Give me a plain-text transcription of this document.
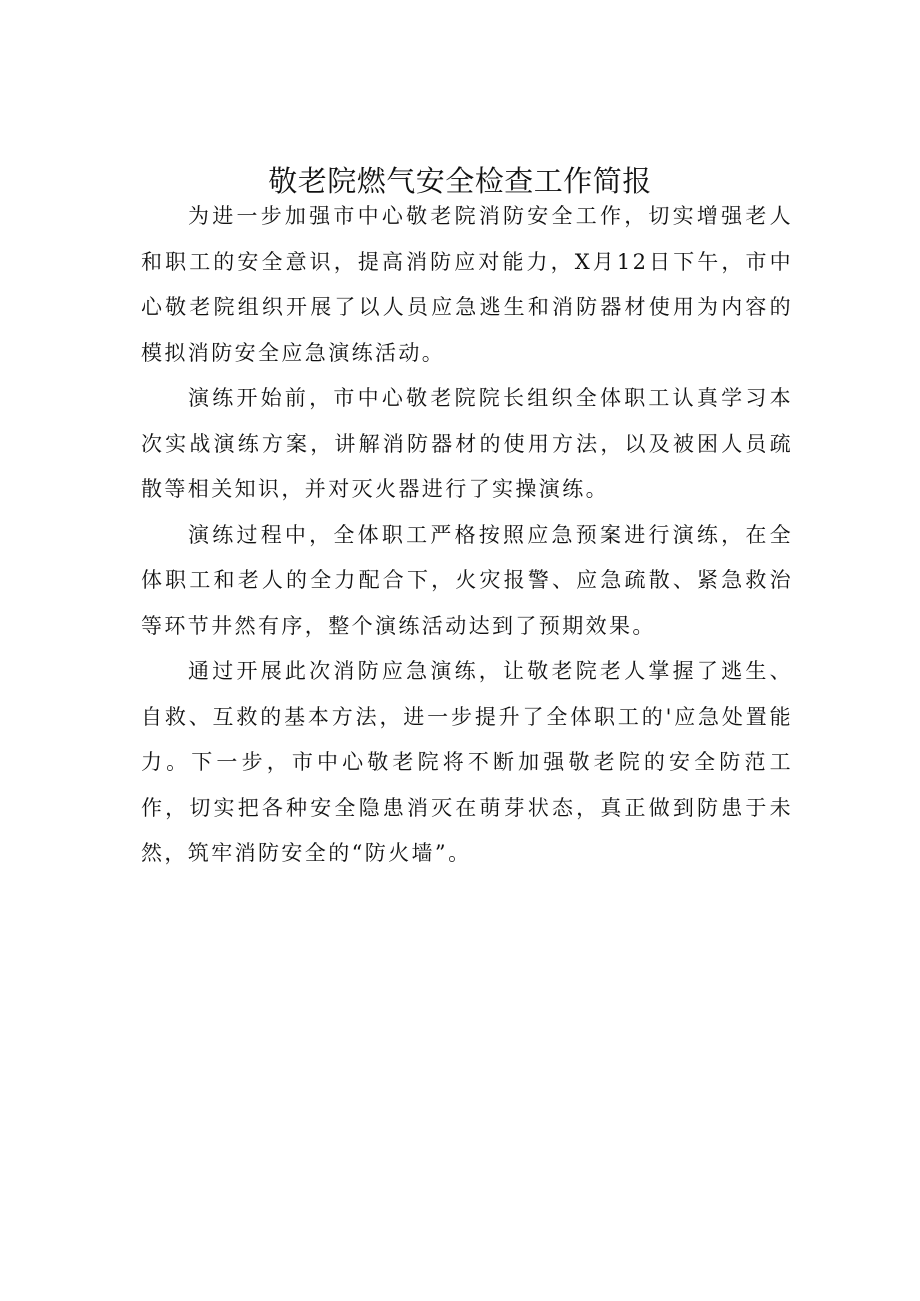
敬老院燃气安全检查工作简报

为进一步加强市中心敬老院消防安全工作，切实增强老人和职工的安全意识，提高消防应对能力，X月12日下午，市中心敬老院组织开展了以人员应急逃生和消防器材使用为内容的模拟消防安全应急演练活动。

演练开始前，市中心敬老院院长组织全体职工认真学习本次实战演练方案，讲解消防器材的使用方法，以及被困人员疏散等相关知识，并对灭火器进行了实操演练。

演练过程中，全体职工严格按照应急预案进行演练，在全体职工和老人的全力配合下，火灾报警、应急疏散、紧急救治等环节井然有序，整个演练活动达到了预期效果。

通过开展此次消防应急演练，让敬老院老人掌握了逃生、自救、互救的基本方法，进一步提升了全体职工的'应急处置能力。下一步，市中心敬老院将不断加强敬老院的安全防范工作，切实把各种安全隐患消灭在萌芽状态，真正做到防患于未然，筑牢消防安全的“防火墙”。
